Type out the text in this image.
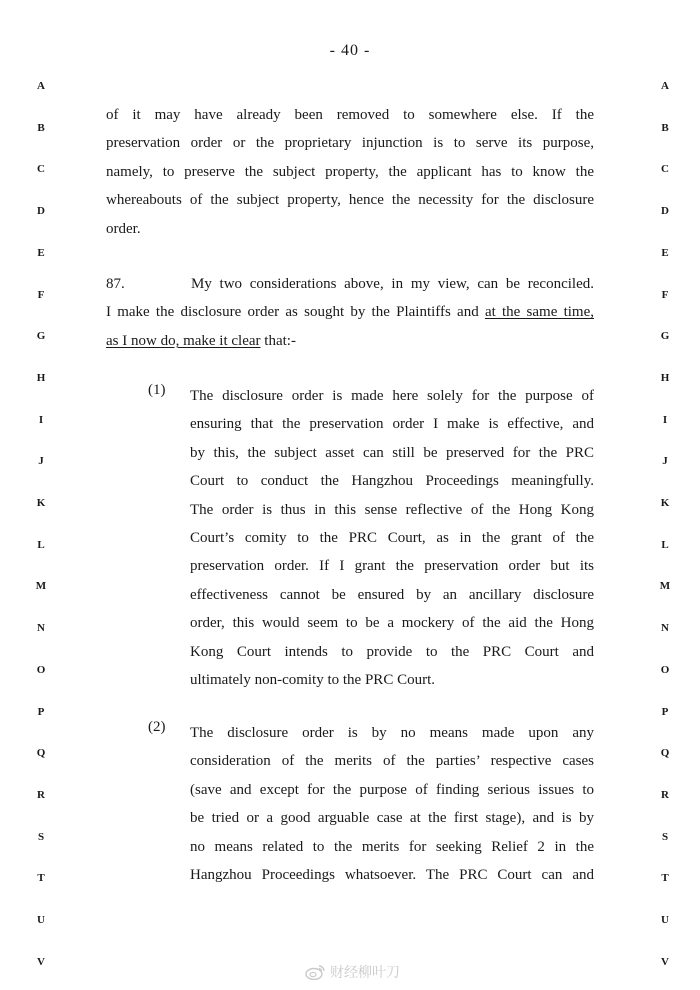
- 40 -
A
B
C
D
E
F
G
H
I
J
K
L
M
N
O
P
Q
R
S
T
U
V
A
B
C
D
E
F
G
H
I
J
K
L
M
N
O
P
Q
R
S
T
U
V
of it may have already been removed to somewhere else. If the
preservation order or the proprietary injunction is to serve its purpose,
namely, to preserve the subject property, the applicant has to know the
whereabouts of the subject property, hence the necessity for the disclosure
order.
87.	My two considerations above, in my view, can be reconciled.
I make the disclosure order as sought by the Plaintiffs and at the same time,
as I now do, make it clear that:-
(1) The disclosure order is made here solely for the purpose of
ensuring that the preservation order I make is effective, and
by this, the subject asset can still be preserved for the PRC
Court to conduct the Hangzhou Proceedings meaningfully.
The order is thus in this sense reflective of the Hong Kong
Court’s comity to the PRC Court, as in the grant of the
preservation order. If I grant the preservation order but its
effectiveness cannot be ensured by an ancillary disclosure
order, this would seem to be a mockery of the aid the Hong
Kong Court intends to provide to the PRC Court and
ultimately non-comity to the PRC Court.
(2) The disclosure order is by no means made upon any
consideration of the merits of the parties’ respective cases
(save and except for the purpose of finding serious issues to
be tried or a good arguable case at the first stage), and is by
no means related to the merits for seeking Relief 2 in the
Hangzhou Proceedings whatsoever. The PRC Court can and
财经柳叶刀
